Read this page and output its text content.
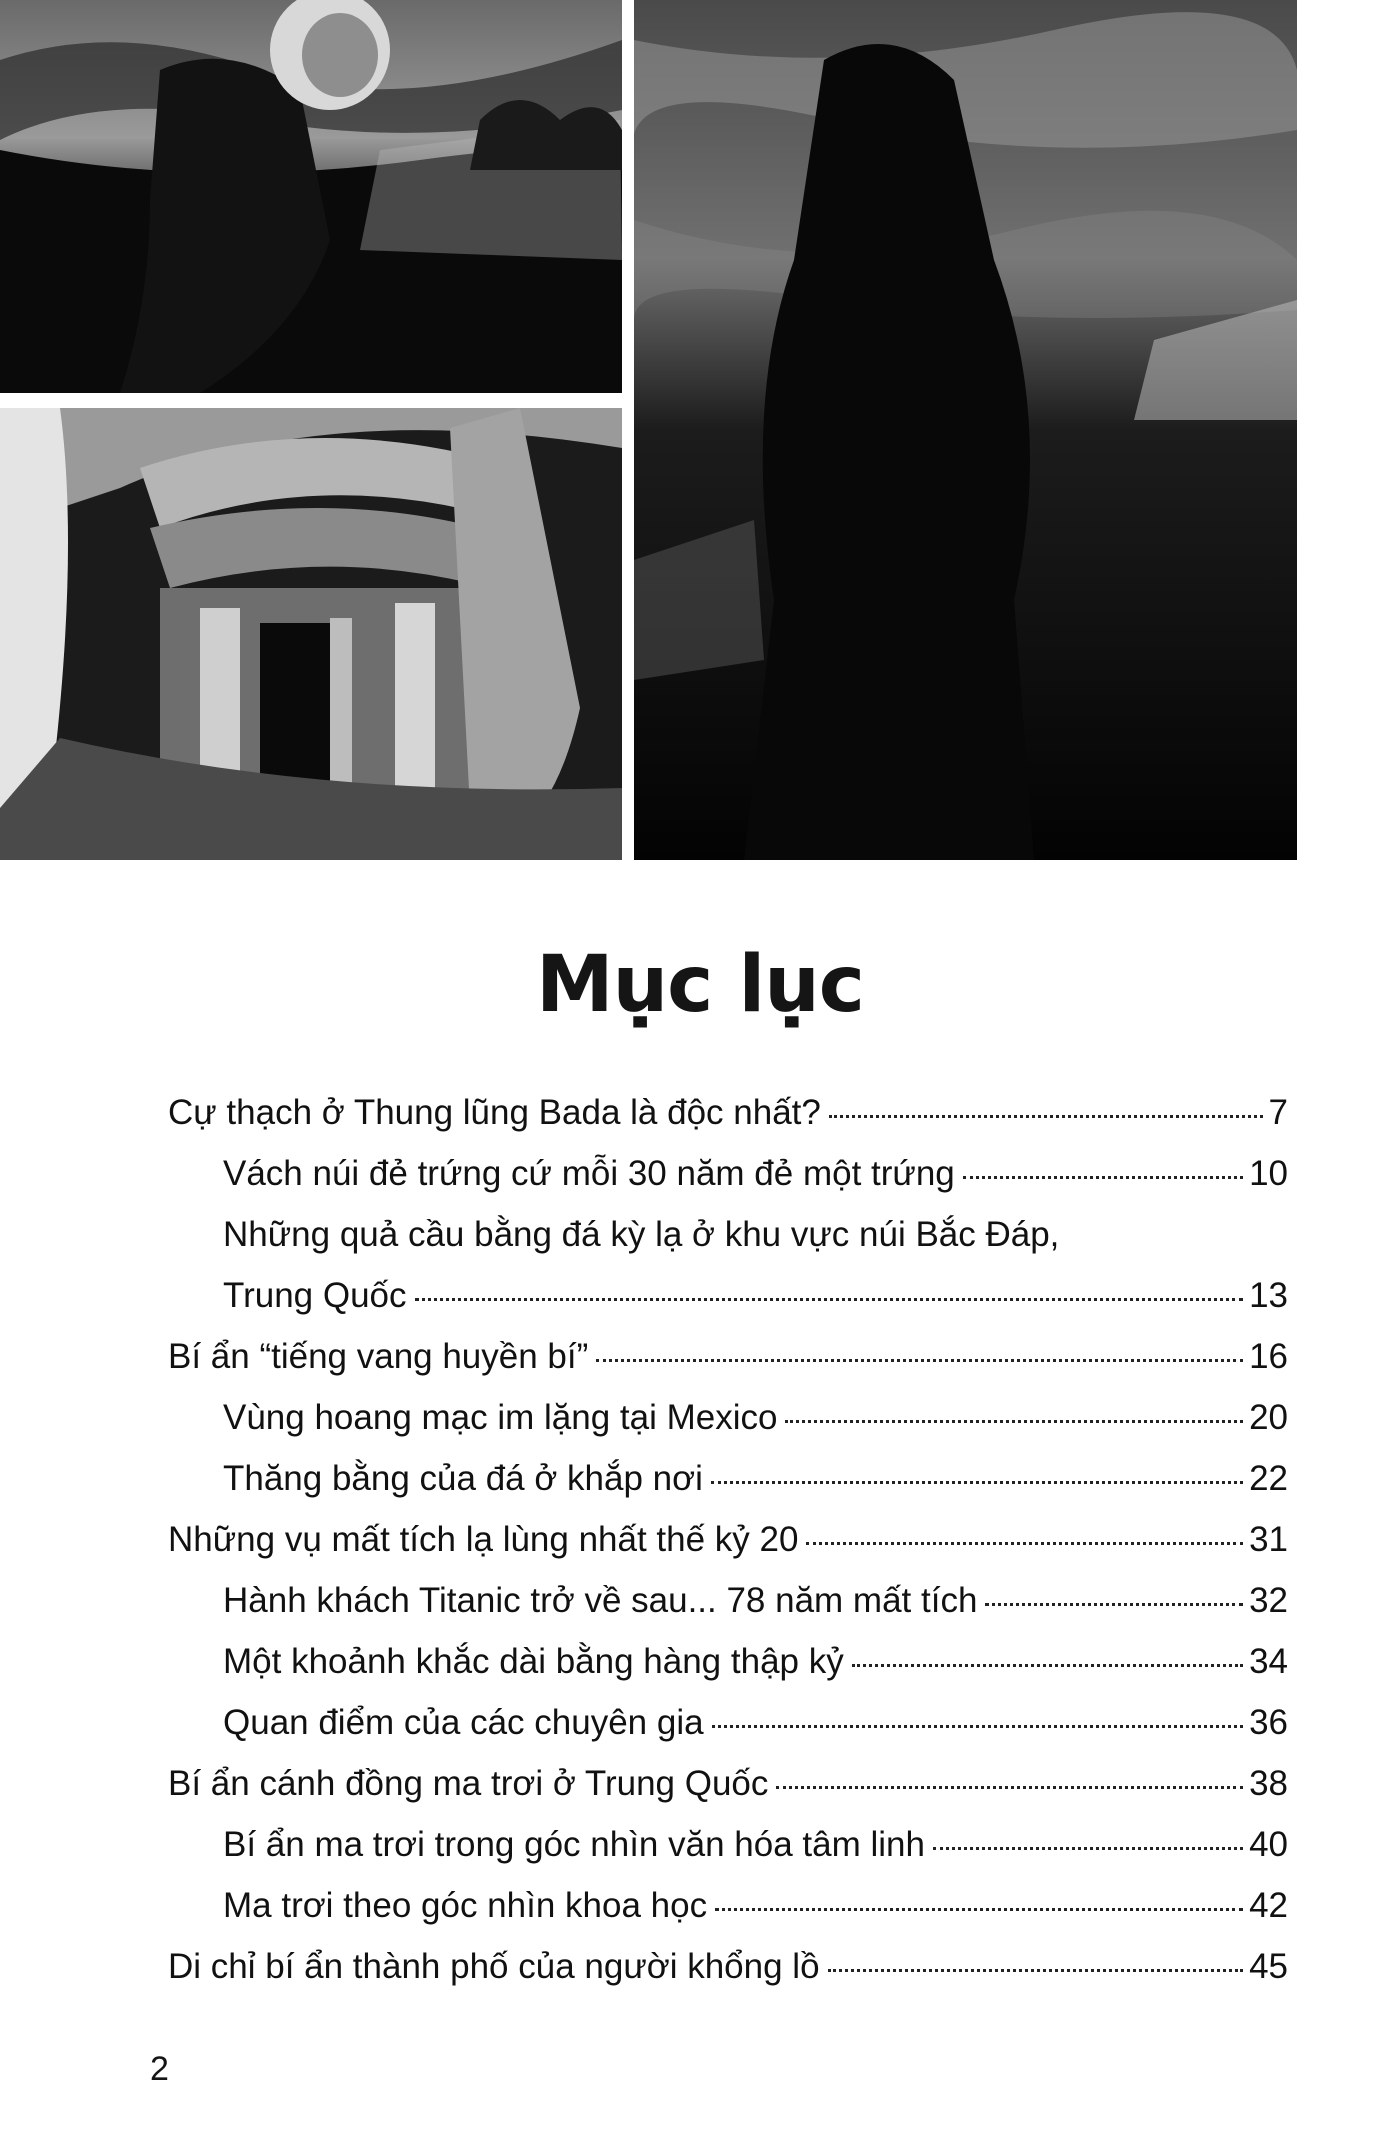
Mục lục
Cự thạch ở Thung lũng Bada là độc nhất?	7
Vách núi đẻ trứng cứ mỗi 30 năm đẻ một trứng	10
Những quả cầu bằng đá kỳ lạ ở khu vực núi Bắc Đáp,
Trung Quốc	13
Bí ẩn “tiếng vang huyền bí”	16
Vùng hoang mạc im lặng tại Mexico	20
Thăng bằng của đá ở khắp nơi	22
Những vụ mất tích lạ lùng nhất thế kỷ 20	31
Hành khách Titanic trở về sau... 78 năm mất tích	32
Một khoảnh khắc dài bằng hàng thập kỷ	34
Quan điểm của các chuyên gia	36
Bí ẩn cánh đồng ma trơi ở Trung Quốc	38
Bí ẩn ma trơi trong góc nhìn văn hóa tâm linh	40
Ma trơi theo góc nhìn khoa học	42
Di chỉ bí ẩn thành phố của người khổng lồ	45
2
